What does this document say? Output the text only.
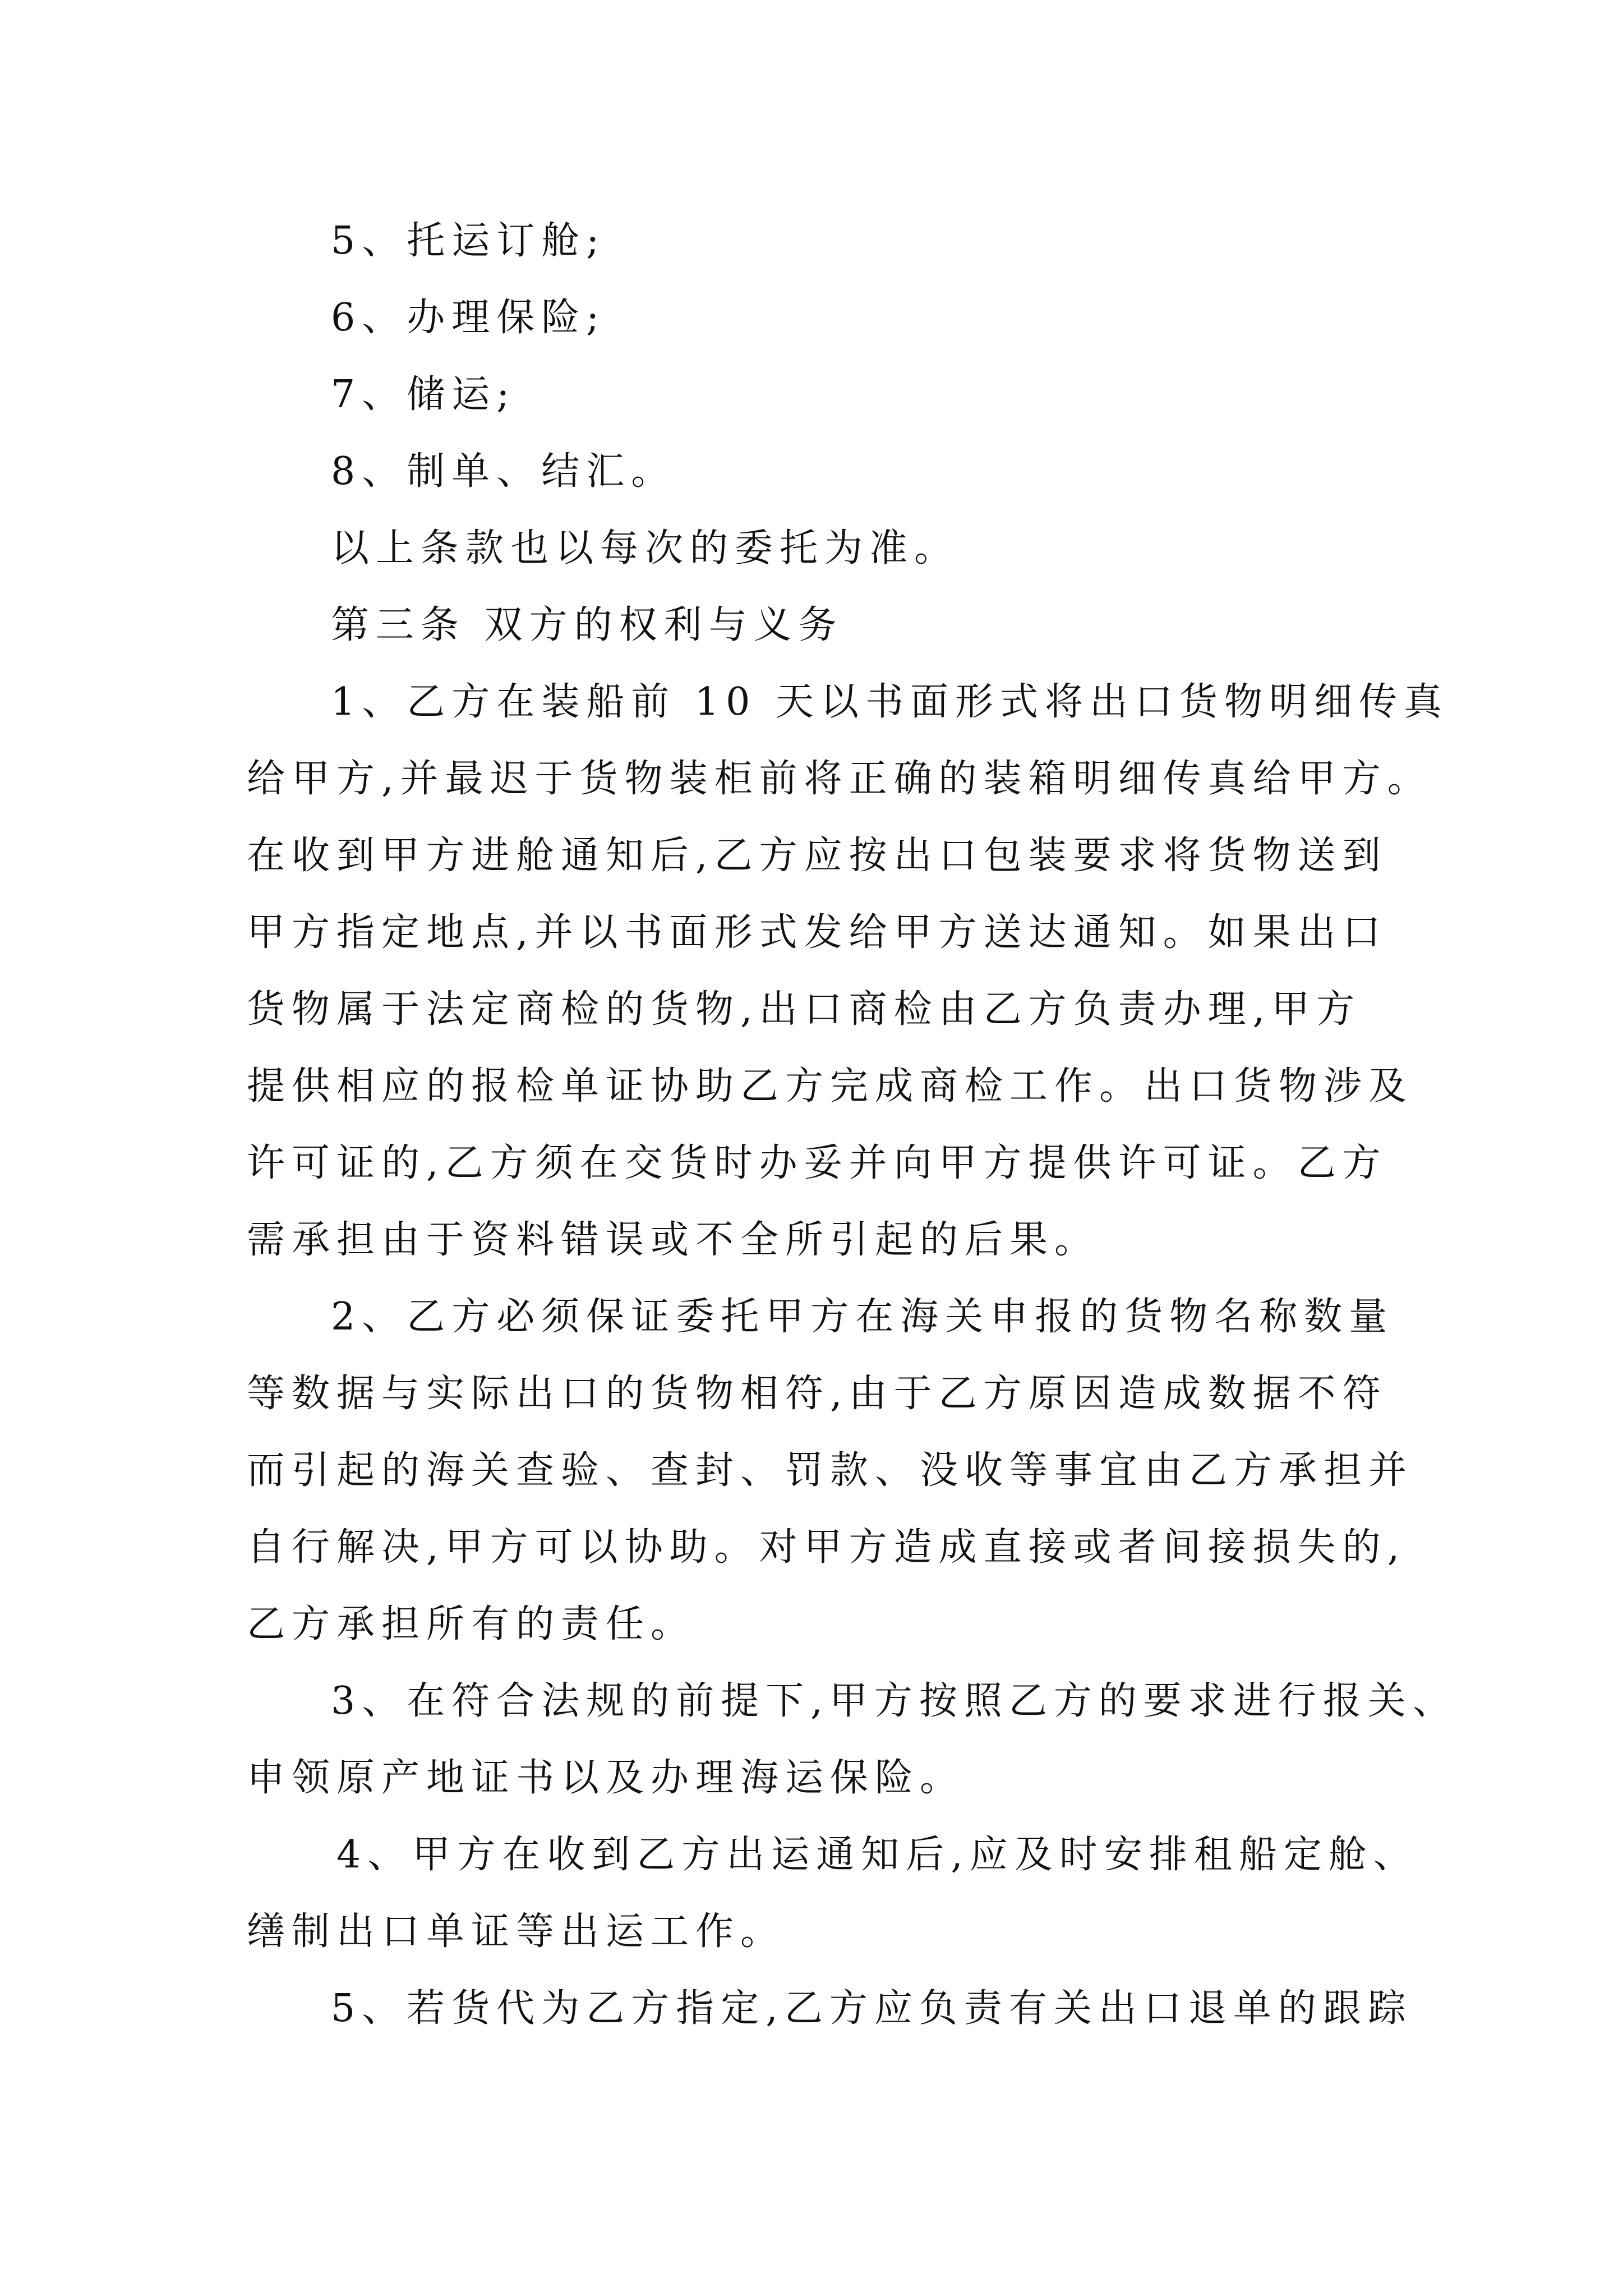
5、托运订舱;
6、办理保险;
7、储运;
8、制单、结汇。
以上条款也以每次的委托为准。
第三条 双方的权利与义务
1、乙方在装船前 10 天以书面形式将出口货物明细传真
给甲方,并最迟于货物装柜前将正确的装箱明细传真给甲方。
在收到甲方进舱通知后,乙方应按出口包装要求将货物送到
甲方指定地点,并以书面形式发给甲方送达通知。如果出口
货物属于法定商检的货物,出口商检由乙方负责办理,甲方
提供相应的报检单证协助乙方完成商检工作。出口货物涉及
许可证的,乙方须在交货时办妥并向甲方提供许可证。乙方
需承担由于资料错误或不全所引起的后果。
2、乙方必须保证委托甲方在海关申报的货物名称数量
等数据与实际出口的货物相符,由于乙方原因造成数据不符
而引起的海关查验、查封、罚款、没收等事宜由乙方承担并
自行解决,甲方可以协助。对甲方造成直接或者间接损失的,
乙方承担所有的责任。
3、在符合法规的前提下,甲方按照乙方的要求进行报关、
申领原产地证书以及办理海运保险。
4、甲方在收到乙方出运通知后,应及时安排租船定舱、
缮制出口单证等出运工作。
5、若货代为乙方指定,乙方应负责有关出口退单的跟踪
